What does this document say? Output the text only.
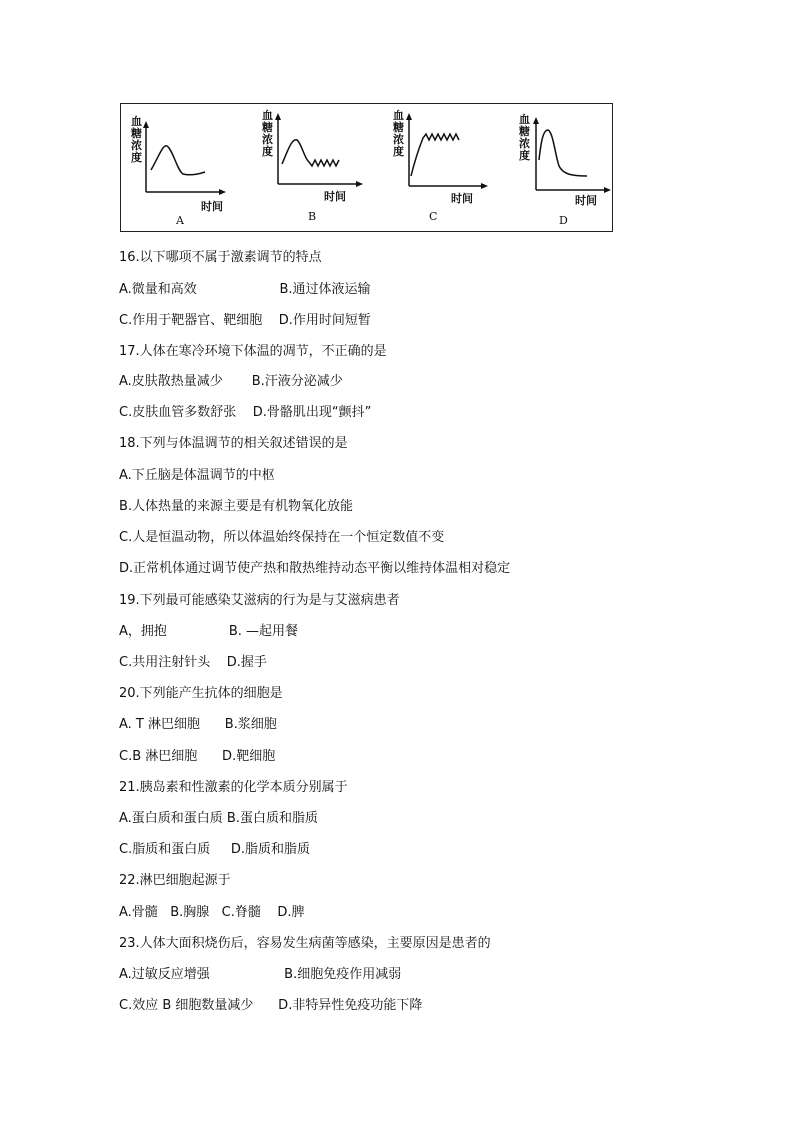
血糖浓度
时间
A
血糖浓度
时间
B
血糖浓度
时间
C
血糖浓度
时间
D
16.以下哪项不属于激素调节的特点
A.微量和高效                    B.通过体液运输
C.作用于靶器官、靶细胞    D.作用时间短暂
17.人体在寒冷环境下体温的凋节，不正确的是
A.皮肤散热量减少       B.汗液分泌减少
C.皮肤血管多数舒张    D.骨骼肌出现“颤抖”
18.下列与体温调节的相关叙述错误的是
A.下丘脑是体温调节的中枢
B.人体热量的来源主要是有机物氧化放能
C.人是恒温动物，所以体温始终保持在一个恒定数值不变
D.正常机体通过调节使产热和散热维持动态平衡以维持体温相对稳定
19.下列最可能感染艾滋病的行为是与艾滋病患者
A，拥抱               B. —起用餐
C.共用注射针头    D.握手
20.下列能产生抗体的细胞是
A. T 淋巴细胞      B.浆细胞
C.B 淋巴细胞      D.靶细胞
21.胰岛素和性激素的化学本质分别属于
A.蛋白质和蛋白质 B.蛋白质和脂质
C.脂质和蛋白质     D.脂质和脂质
22.淋巴细胞起源于
A.骨髓   B.胸腺   C.脊髓    D.脾
23.人体大面积烧伤后，容易发生病菌等感染，主要原因是患者的
A.过敏反应增强                  B.细胞免疫作用减弱
C.效应 B 细胞数量减少      D.非特异性免疫功能下降
